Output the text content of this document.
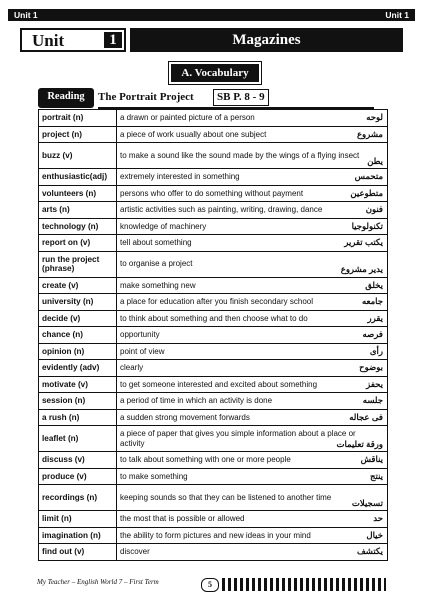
Unit 1	Unit 1
Unit	1	Magazines
A. Vocabulary
Reading	The Portrait Project	SB P. 8 - 9
portrait (n)	a drawn or painted picture of a person لوحه

project (n)	a piece of work usually about one subject مشروع

buzz (v)	to make a sound like the sound made by the wings of a flying insect
يطن

enthusiastic(adj)	extremely interested in something متحمس

volunteers (n)	persons who offer to do something without payment متطوعين

arts (n)	artistic activities such as painting, writing, drawing, dance فنون

technology (n)	knowledge of machinery تكنولوجيا

report on (v)	tell about something يكتب تقرير

run the project (phrase)	to organise a project
يدير مشروع

create (v)	make something new يخلق

university (n)	a place for education after you finish secondary school جامعه

decide (v)	to think about something and then choose what to do يقرر

chance (n)	opportunity فرصه

opinion (n)	point of view رأى

evidently (adv)	clearly بوضوح

motivate (v)	to get someone interested and excited about something يحفز

session (n)	a period of time in which an activity is done جلسه

a rush (n)	a sudden strong movement forwards فى عجاله

leaflet (n)	a piece of paper that gives you simple information about a place or activity ورقة تعليمات

discuss (v)	to talk about something with one or more people يناقش

produce (v)	to make something ينتج

recordings (n)	keeping sounds so that they can be listened to another time
تسجيلات

limit (n)	the most that is possible or allowed حد

imagination (n)	the ability to form pictures and new ideas in your mind خيال

find out (v)	discover يكتشف
My Teacher – English World 7 – First Term	5
